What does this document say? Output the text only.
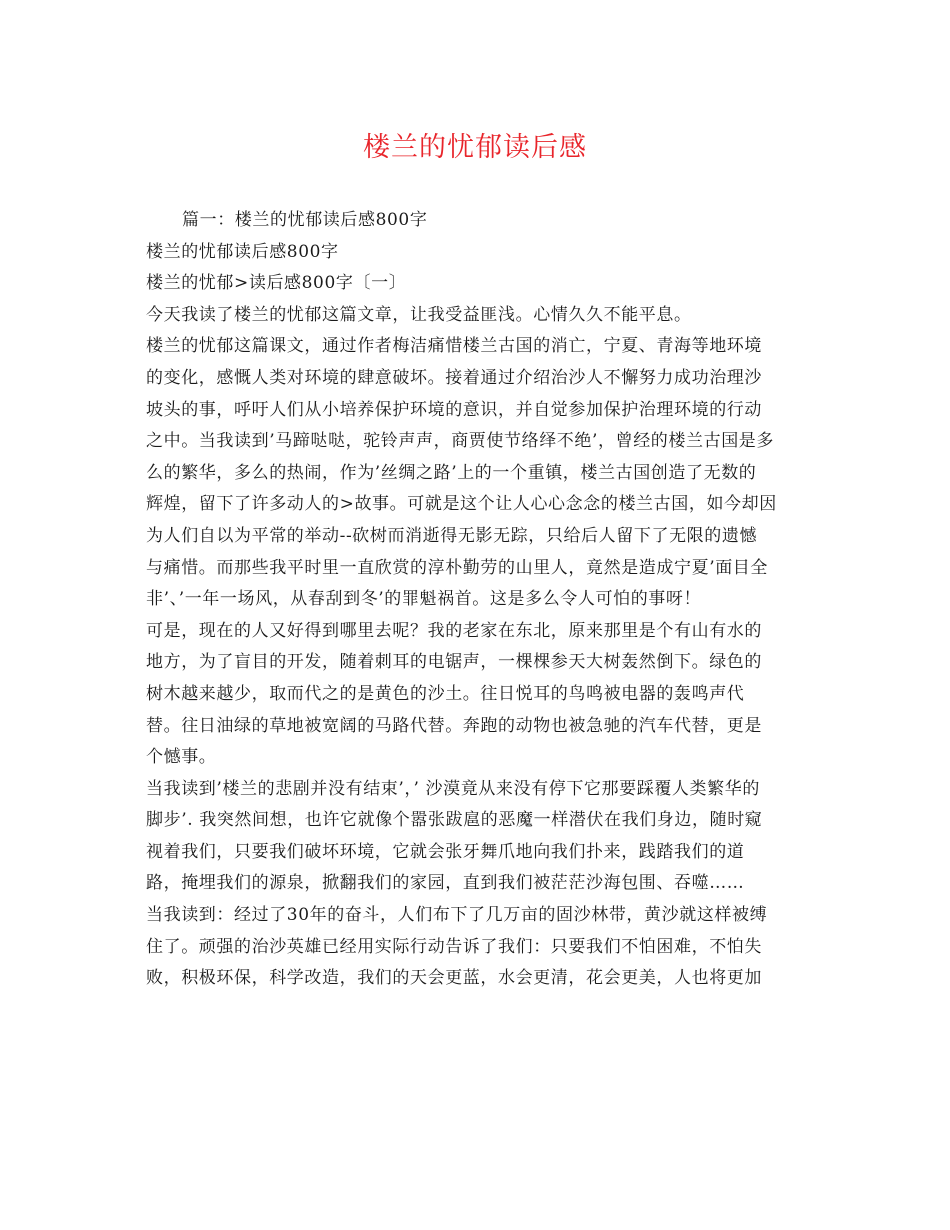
楼兰的忧郁读后感
篇一：楼兰的忧郁读后感800字
楼兰的忧郁读后感800字
楼兰的忧郁>读后感800字〔一〕
今天我读了楼兰的忧郁这篇文章，让我受益匪浅。心情久久不能平息。
楼兰的忧郁这篇课文，通过作者梅洁痛惜楼兰古国的消亡，宁夏、青海等地环境
的变化，感慨人类对环境的肆意破坏。接着通过介绍治沙人不懈努力成功治理沙
坡头的事，呼吁人们从小培养保护环境的意识，并自觉参加保护治理环境的行动
之中。当我读到’马蹄哒哒，驼铃声声，商贾使节络绎不绝’，曾经的楼兰古国是多
么的繁华，多么的热闹，作为’丝绸之路’上的一个重镇，楼兰古国创造了无数的
辉煌，留下了许多动人的>故事。可就是这个让人心心念念的楼兰古国，如今却因
为人们自以为平常的举动--砍树而消逝得无影无踪，只给后人留下了无限的遗憾
与痛惜。而那些我平时里一直欣赏的淳朴勤劳的山里人，竟然是造成宁夏’面目全
非’、’一年一场风，从春刮到冬’的罪魁祸首。这是多么令人可怕的事呀！
可是，现在的人又好得到哪里去呢？我的老家在东北，原来那里是个有山有水的
地方，为了盲目的开发，随着刺耳的电锯声，一棵棵参天大树轰然倒下。绿色的
树木越来越少，取而代之的是黄色的沙土。往日悦耳的鸟鸣被电器的轰鸣声代
替。往日油绿的草地被宽阔的马路代替。奔跑的动物也被急驰的汽车代替，更是
个憾事。
当我读到’楼兰的悲剧并没有结束’，’ 沙漠竟从来没有停下它那要踩覆人类繁华的
脚步’. 我突然间想，也许它就像个嚣张跋扈的恶魔一样潜伏在我们身边，随时窥
视着我们，只要我们破坏环境，它就会张牙舞爪地向我们扑来，践踏我们的道
路，掩埋我们的源泉，掀翻我们的家园，直到我们被茫茫沙海包围、吞噬……
当我读到：经过了30年的奋斗，人们布下了几万亩的固沙林带，黄沙就这样被缚
住了。顽强的治沙英雄已经用实际行动告诉了我们：只要我们不怕困难，不怕失
败，积极环保，科学改造，我们的天会更蓝，水会更清，花会更美，人也将更加
